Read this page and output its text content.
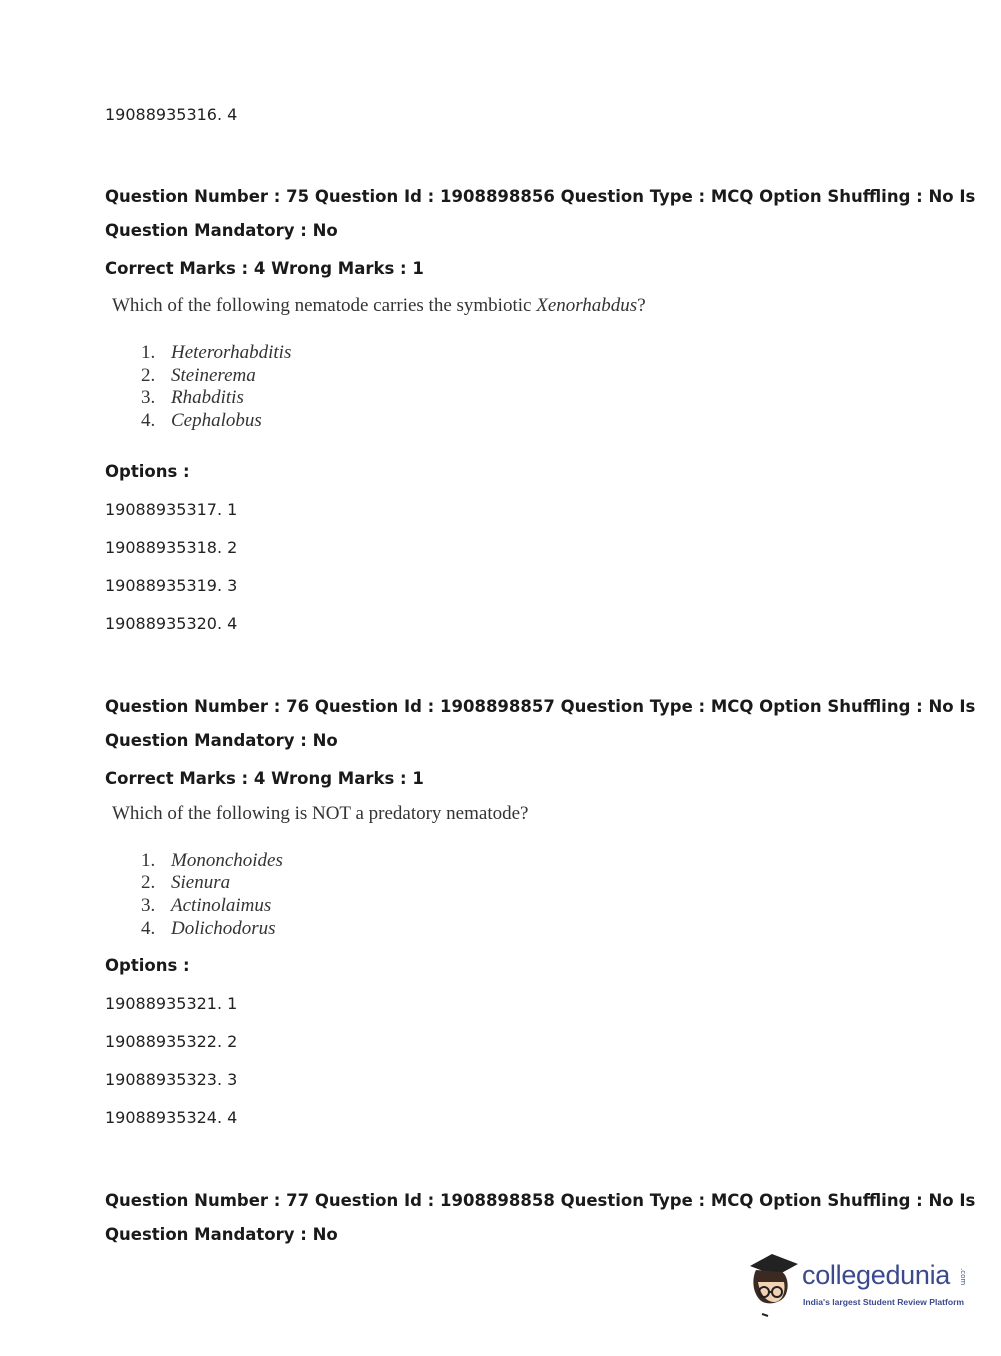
19088935316. 4
Question Number : 75 Question Id : 1908898856 Question Type : MCQ Option Shuffling : No Is
Question Mandatory : No
Correct Marks : 4 Wrong Marks : 1
Which of the following nematode carries the symbiotic Xenorhabdus?
1. Heterorhabditis
2. Steinerema
3. Rhabditis
4. Cephalobus
Options :
19088935317. 1
19088935318. 2
19088935319. 3
19088935320. 4
Question Number : 76 Question Id : 1908898857 Question Type : MCQ Option Shuffling : No Is
Question Mandatory : No
Correct Marks : 4 Wrong Marks : 1
Which of the following is NOT a predatory nematode?
1. Mononchoides
2. Sienura
3. Actinolaimus
4. Dolichodorus
Options :
19088935321. 1
19088935322. 2
19088935323. 3
19088935324. 4
Question Number : 77 Question Id : 1908898858 Question Type : MCQ Option Shuffling : No Is
Question Mandatory : No
collegedunia .com
India's largest Student Review Platform
